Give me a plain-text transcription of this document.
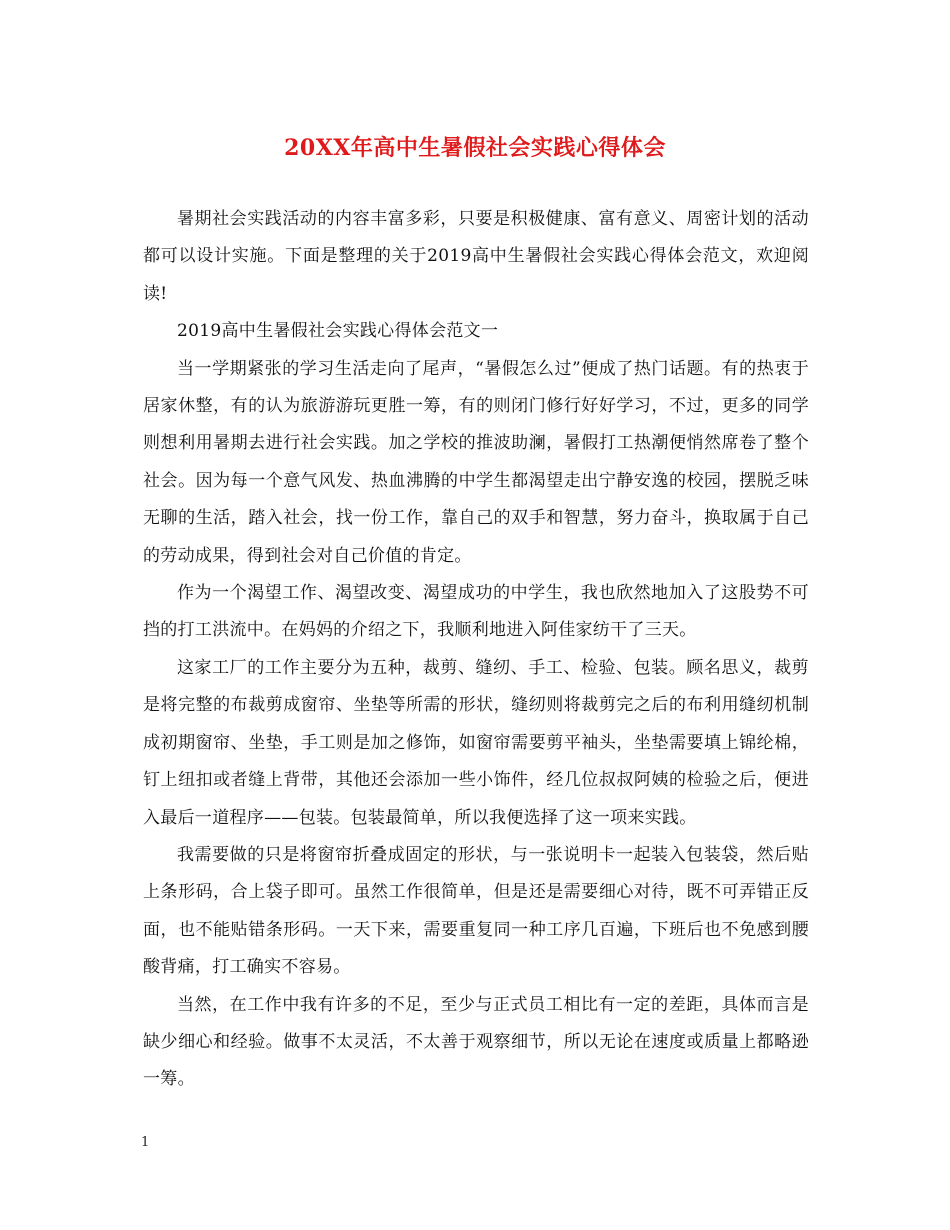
20XX年高中生暑假社会实践心得体会

暑期社会实践活动的内容丰富多彩，只要是积极健康、富有意义、周密计划的活动都可以设计实施。下面是整理的关于2019高中生暑假社会实践心得体会范文，欢迎阅读!

2019高中生暑假社会实践心得体会范文一

当一学期紧张的学习生活走向了尾声，“暑假怎么过”便成了热门话题。有的热衷于居家休整，有的认为旅游游玩更胜一筹，有的则闭门修行好好学习，不过，更多的同学则想利用暑期去进行社会实践。加之学校的推波助澜，暑假打工热潮便悄然席卷了整个社会。因为每一个意气风发、热血沸腾的中学生都渴望走出宁静安逸的校园，摆脱乏味无聊的生活，踏入社会，找一份工作，靠自己的双手和智慧，努力奋斗，换取属于自己的劳动成果，得到社会对自己价值的肯定。

作为一个渴望工作、渴望改变、渴望成功的中学生，我也欣然地加入了这股势不可挡的打工洪流中。在妈妈的介绍之下，我顺利地进入阿佳家纺干了三天。

这家工厂的工作主要分为五种，裁剪、缝纫、手工、检验、包装。顾名思义，裁剪是将完整的布裁剪成窗帘、坐垫等所需的形状，缝纫则将裁剪完之后的布利用缝纫机制成初期窗帘、坐垫，手工则是加之修饰，如窗帘需要剪平袖头，坐垫需要填上锦纶棉，钉上纽扣或者缝上背带，其他还会添加一些小饰件，经几位叔叔阿姨的检验之后，便进入最后一道程序——包装。包装最简单，所以我便选择了这一项来实践。

我需要做的只是将窗帘折叠成固定的形状，与一张说明卡一起装入包装袋，然后贴上条形码，合上袋子即可。虽然工作很简单，但是还是需要细心对待，既不可弄错正反面，也不能贴错条形码。一天下来，需要重复同一种工序几百遍，下班后也不免感到腰酸背痛，打工确实不容易。

当然，在工作中我有许多的不足，至少与正式员工相比有一定的差距，具体而言是缺少细心和经验。做事不太灵活，不太善于观察细节，所以无论在速度或质量上都略逊一筹。

1
